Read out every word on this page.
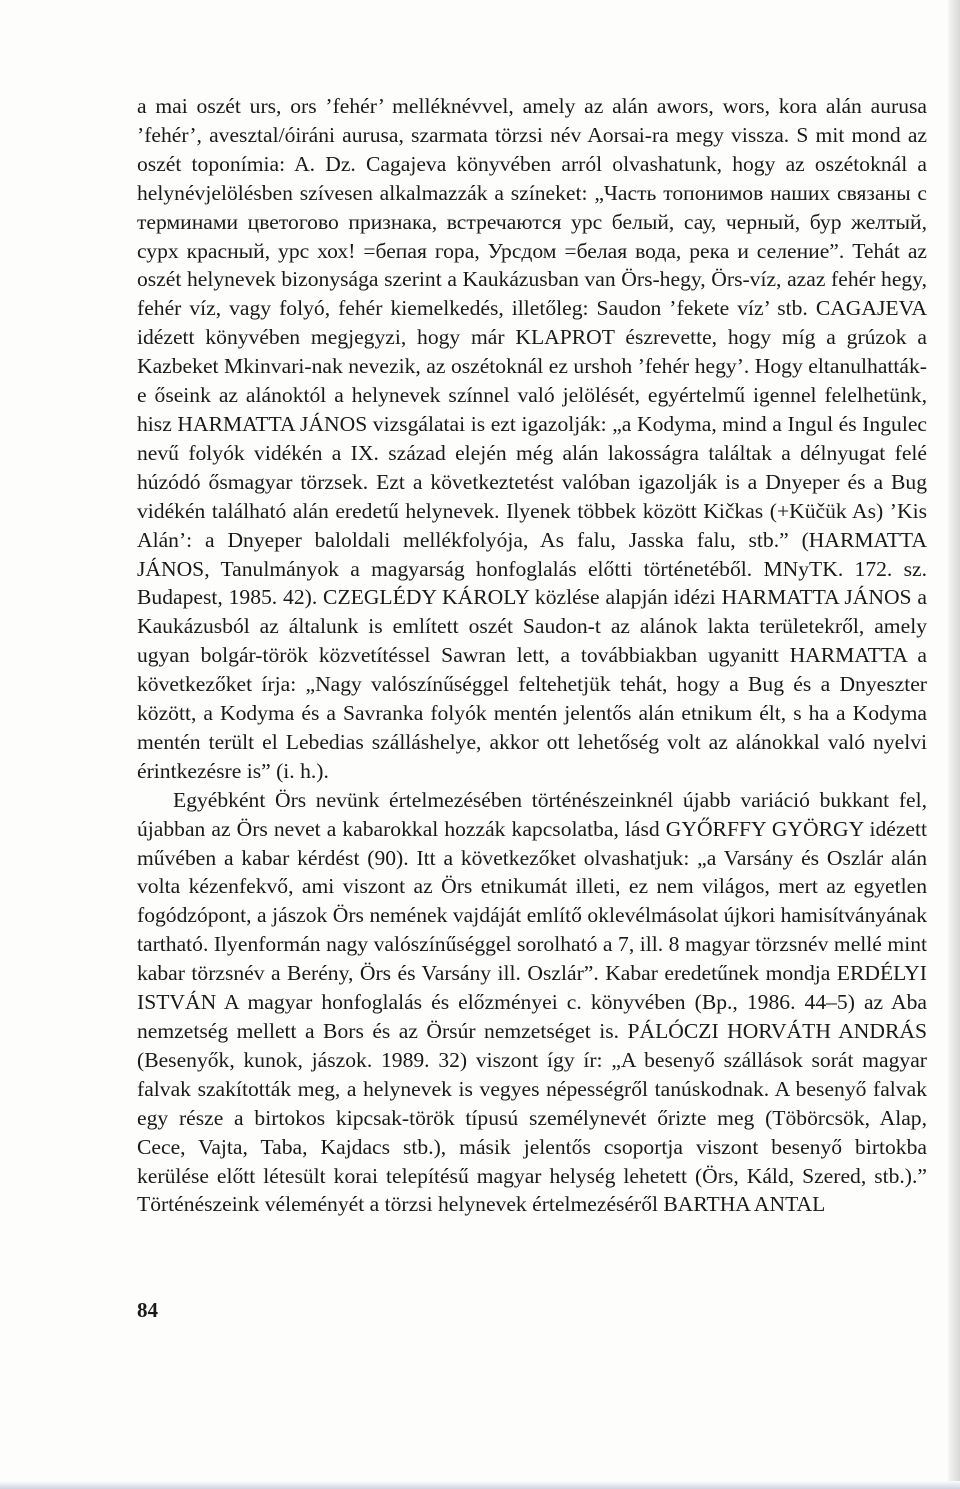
a mai oszét urs, ors ’fehér’ melléknévvel, amely az alán awors, wors, kora alán aurusa ’fehér’, avesztal/óiráni aurusa, szarmata törzsi név Aorsai-ra megy vissza. S mit mond az oszét toponímia: A. Dz. Cagajeva könyvében arról olvashatunk, hogy az oszétoknál a helynévjelölésben szívesen alkalmazzák a színeket: „Часть топонимов наших связаны с терминами цветогово признака, встречаются урс белый, сау, черный, бур желтый, сурх красный, урс хох! =бепая гора, Урсдом =белая вода, река и селение”. Tehát az oszét helynevek bizonysága szerint a Kaukázusban van Örs-hegy, Örs-víz, azaz fehér hegy, fehér víz, vagy folyó, fehér kiemelkedés, illetőleg: Saudon ’fekete víz’ stb. CAGAJEVA idézett könyvében megjegyzi, hogy már KLAPROT észrevette, hogy míg a grúzok a Kazbeket Mkinvari-nak nevezik, az oszétoknál ez urshoh ’fehér hegy’. Hogy eltanulhatták-e őseink az alánoktól a helynevek színnel való jelölését, egyértelmű igennel felelhetünk, hisz HARMATTA JÁNOS vizsgálatai is ezt igazolják: „a Kodyma, mind a Ingul és Ingulec nevű folyók vidékén a IX. század elején még alán lakosságra találtak a délnyugat felé húzódó ősmagyar törzsek. Ezt a következtetést valóban igazolják is a Dnyeper és a Bug vidékén található alán eredetű helynevek. Ilyenek többek között Kičkas (+Küčük As) ’Kis Alán’: a Dnyeper baloldali mellékfolyója, As falu, Jasska falu, stb.” (HARMATTA JÁNOS, Tanulmányok a magyarság honfoglalás előtti történetéből. MNyTK. 172. sz. Budapest, 1985. 42). CZEGLÉDY KÁROLY közlése alapján idézi HARMATTA JÁNOS a Kaukázusból az általunk is említett oszét Saudon-t az alánok lakta területekről, amely ugyan bolgár-török közvetítéssel Sawran lett, a továbbiakban ugyanitt HARMATTA a következőket írja: „Nagy valószínűséggel feltehetjük tehát, hogy a Bug és a Dnyeszter között, a Kodyma és a Savranka folyók mentén jelentős alán etnikum élt, s ha a Kodyma mentén terült el Lebedias szálláshelye, akkor ott lehetőség volt az alánokkal való nyelvi érintkezésre is” (i. h.).

Egyébként Örs nevünk értelmezésében történészeinknél újabb variáció bukkant fel, újabban az Örs nevet a kabarokkal hozzák kapcsolatba, lásd GYŐRFFY GYÖRGY idézett művében a kabar kérdést (90). Itt a következőket olvashatjuk: „a Varsány és Oszlár alán volta kézenfekvő, ami viszont az Örs etnikumát illeti, ez nem világos, mert az egyetlen fogódzópont, a jászok Örs nemének vajdáját említő oklevélmásolat újkori hamisítványának tartható. Ilyenformán nagy valószínűséggel sorolható a 7, ill. 8 magyar törzsnév mellé mint kabar törzsnév a Berény, Örs és Varsány ill. Oszlár”. Kabar eredetűnek mondja ERDÉLYI ISTVÁN A magyar honfoglalás és előzményei c. könyvében (Bp., 1986. 44–5) az Aba nemzetség mellett a Bors és az Örsúr nemzetséget is. PÁLÓCZI HORVÁTH ANDRÁS (Besenyők, kunok, jászok. 1989. 32) viszont így ír: „A besenyő szállások sorát magyar falvak szakították meg, a helynevek is vegyes népességről tanúskodnak. A besenyő falvak egy része a birtokos kipcsak-török típusú személynevét őrizte meg (Töbörcsök, Alap, Cece, Vajta, Taba, Kajdacs stb.), másik jelentős csoportja viszont besenyő birtokba kerülése előtt létesült korai telepítésű magyar helység lehetett (Örs, Káld, Szered, stb.).” Történészeink véleményét a törzsi helynevek értelmezéséről BARTHA ANTAL

84
